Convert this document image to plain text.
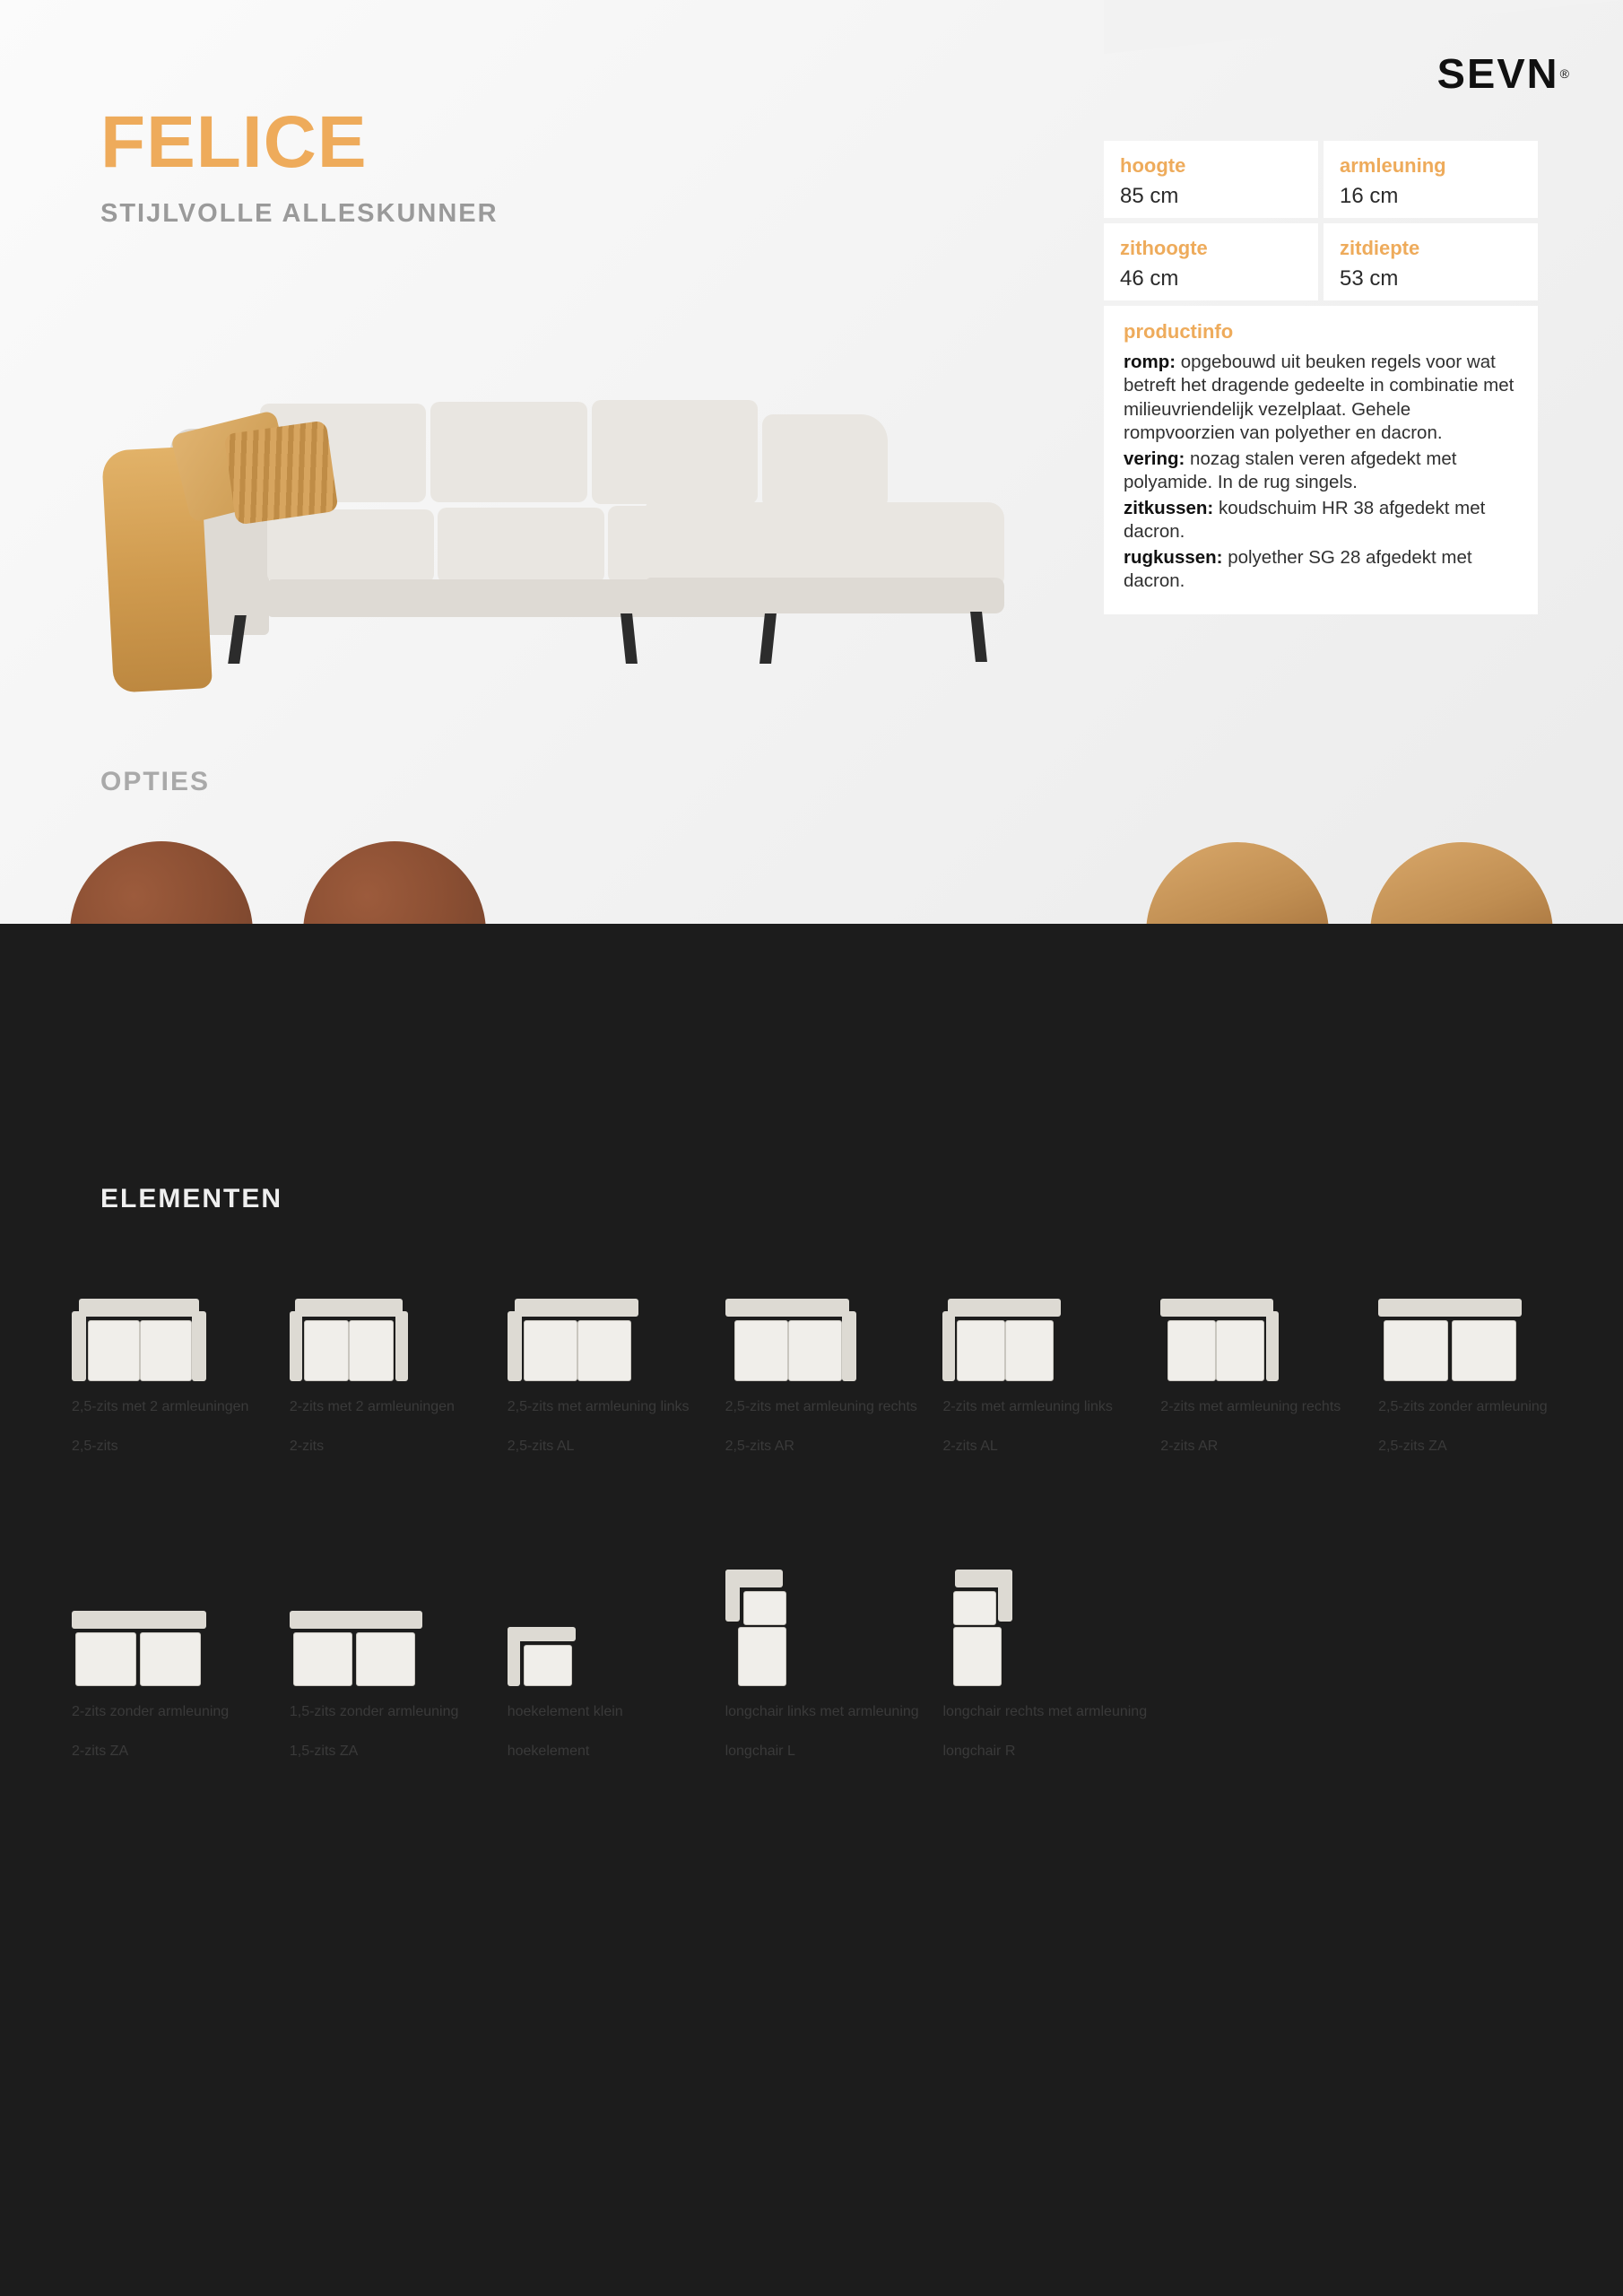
SEVN ®
FELICE
STIJLVOLLE ALLESKUNNER
hoogte
85 cm
armleuning
16 cm
zithoogte
46 cm
zitdiepte
53 cm
productinfo
romp: opgebouwd uit beuken regels voor wat betreft het dragende gedeelte in combinatie met milieuvriendelijk vezelplaat. Gehele rompvoorzien van polyether en dacron.
vering: nozag stalen veren afgedekt met polyamide. In de rug singels.
zitkussen: koudschuim HR 38 afgedekt met dacron.
rugkussen: polyether SG 28 afgedekt met dacron.
OPTIES
ELEMENTEN
2,5-zits met 2 armleuningen
2,5-zits
2-zits met 2 armleuningen
2-zits
2,5-zits met armleuning links
2,5-zits AL
2,5-zits met armleuning rechts
2,5-zits AR
2-zits met armleuning links
2-zits AL
2-zits met armleuning rechts
2-zits AR
2,5-zits zonder armleuning
2,5-zits ZA
2-zits zonder armleuning
2-zits ZA
1,5-zits zonder armleuning
1,5-zits ZA
hoekelement klein
hoekelement
longchair links met armleuning
longchair L
longchair rechts met armleuning
longchair R
